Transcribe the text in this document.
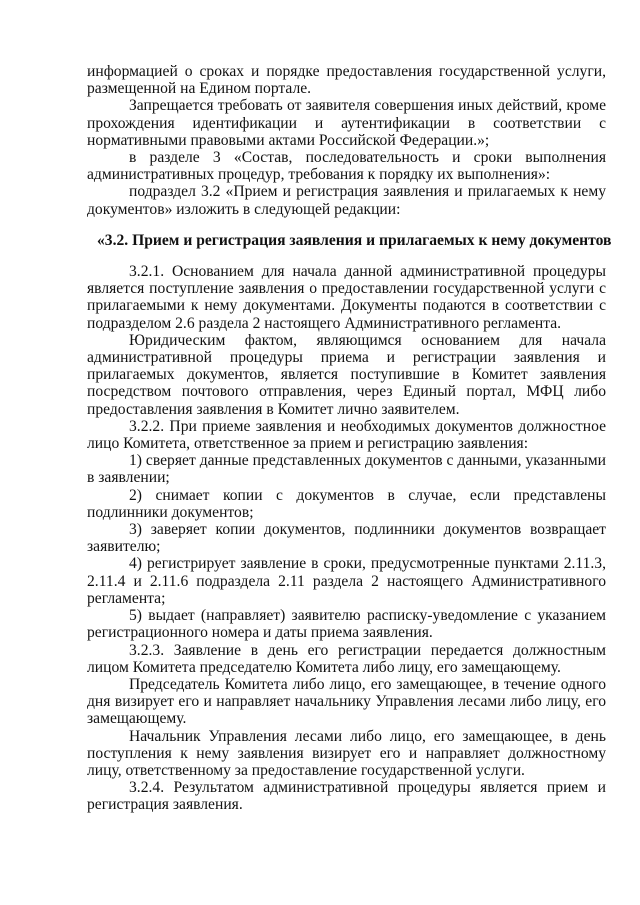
информацией о сроках и порядке предоставления государственной услуги, размещенной на Едином портале.

Запрещается требовать от заявителя совершения иных действий, кроме прохождения идентификации и аутентификации в соответствии с нормативными правовыми актами Российской Федерации.»;

в разделе 3 «Состав, последовательность и сроки выполнения административных процедур, требования к порядку их выполнения»:

подраздел 3.2 «Прием и регистрация заявления и прилагаемых к нему документов» изложить в следующей редакции:

«3.2. Прием и регистрация заявления и прилагаемых к нему документов

3.2.1. Основанием для начала данной административной процедуры является поступление заявления о предоставлении государственной услуги с прилагаемыми к нему документами. Документы подаются в соответствии с подразделом 2.6 раздела 2 настоящего Административного регламента.

Юридическим фактом, являющимся основанием для начала административной процедуры приема и регистрации заявления и прилагаемых документов, является поступившие в Комитет заявления посредством почтового отправления, через Единый портал, МФЦ либо предоставления заявления в Комитет лично заявителем.

3.2.2. При приеме заявления и необходимых документов должностное лицо Комитета, ответственное за прием и регистрацию заявления:

1) сверяет данные представленных документов с данными, указанными в заявлении;

2) снимает копии с документов в случае, если представлены подлинники документов;

3) заверяет копии документов, подлинники документов возвращает заявителю;

4) регистрирует заявление в сроки, предусмотренные пунктами 2.11.3, 2.11.4 и 2.11.6 подраздела 2.11 раздела 2 настоящего Административного регламента;

5) выдает (направляет) заявителю расписку-уведомление с указанием регистрационного номера и даты приема заявления.

3.2.3. Заявление в день его регистрации передается должностным лицом Комитета председателю Комитета либо лицу, его замещающему.

Председатель Комитета либо лицо, его замещающее, в течение одного дня визирует его и направляет начальнику Управления лесами либо лицу, его замещающему.

Начальник Управления лесами либо лицо, его замещающее, в день поступления к нему заявления визирует его и направляет должностному лицу, ответственному за предоставление государственной услуги.

3.2.4. Результатом административной процедуры является прием и регистрация заявления.
